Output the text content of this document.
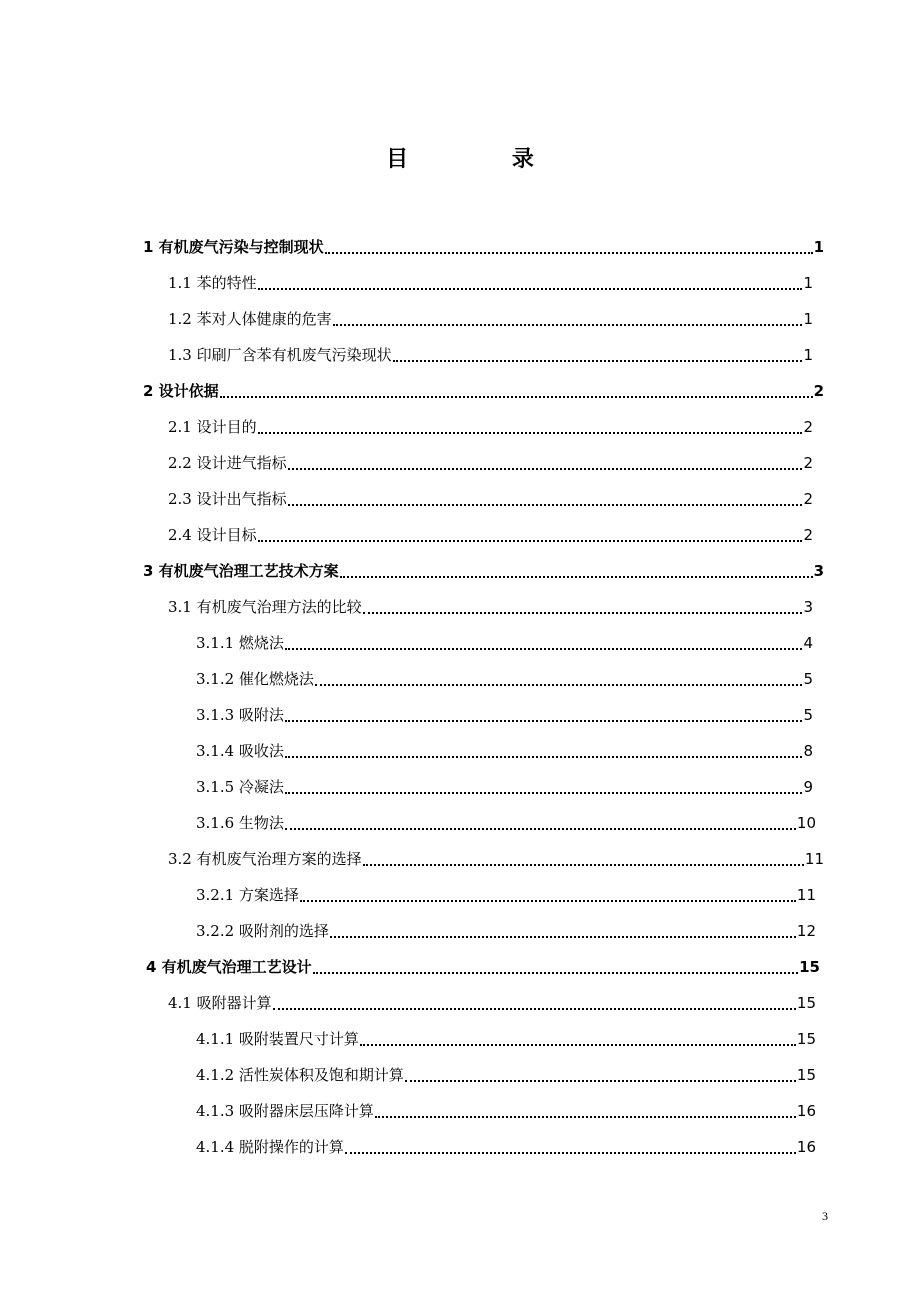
目 录
1 有机废气污染与控制现状	1
1.1 苯的特性	1
1.2 苯对人体健康的危害	1
1.3 印刷厂含苯有机废气污染现状	1
2 设计依据	2
2.1 设计目的	2
2.2 设计进气指标	2
2.3 设计出气指标	2
2.4 设计目标	2
3 有机废气治理工艺技术方案	3
3.1 有机废气治理方法的比较	3
3.1.1 燃烧法	4
3.1.2 催化燃烧法	5
3.1.3 吸附法	5
3.1.4 吸收法	8
3.1.5 冷凝法	9
3.1.6 生物法	10
3.2 有机废气治理方案的选择	11
3.2.1 方案选择	11
3.2.2 吸附剂的选择	12
4 有机废气治理工艺设计	15
4.1 吸附器计算	15
4.1.1 吸附装置尺寸计算	15
4.1.2 活性炭体积及饱和期计算	15
4.1.3 吸附器床层压降计算	16
4.1.4 脱附操作的计算	16
3
